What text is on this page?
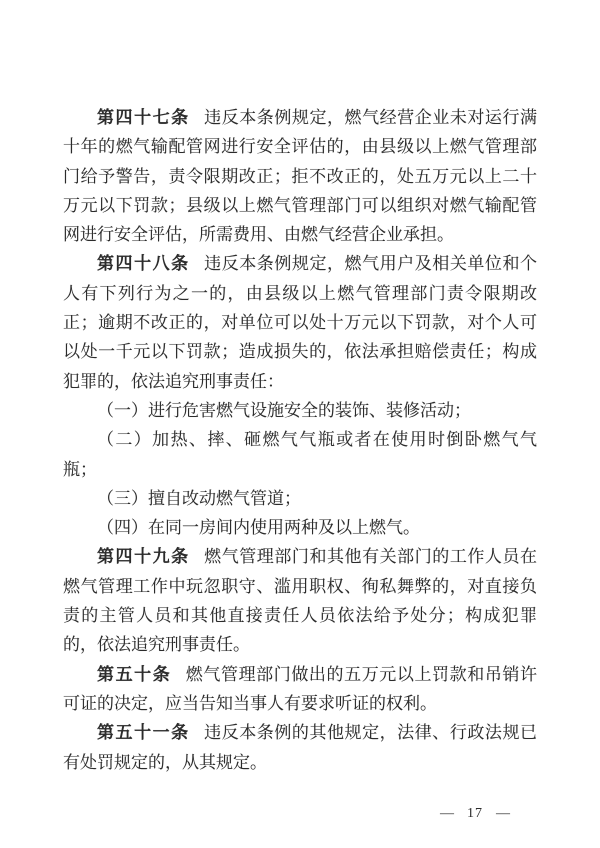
第四十七条 违反本条例规定，燃气经营企业未对运行满十年的燃气输配管网进行安全评估的，由县级以上燃气管理部门给予警告，责令限期改正；拒不改正的，处五万元以上二十万元以下罚款；县级以上燃气管理部门可以组织对燃气输配管网进行安全评估，所需费用、由燃气经营企业承担。

第四十八条 违反本条例规定，燃气用户及相关单位和个人有下列行为之一的，由县级以上燃气管理部门责令限期改正；逾期不改正的，对单位可以处十万元以下罚款，对个人可以处一千元以下罚款；造成损失的，依法承担赔偿责任；构成犯罪的，依法追究刑事责任：

（一）进行危害燃气设施安全的装饰、装修活动；

（二）加热、摔、砸燃气气瓶或者在使用时倒卧燃气气瓶；

（三）擅自改动燃气管道；

（四）在同一房间内使用两种及以上燃气。

第四十九条 燃气管理部门和其他有关部门的工作人员在燃气管理工作中玩忽职守、滥用职权、徇私舞弊的，对直接负责的主管人员和其他直接责任人员依法给予处分；构成犯罪的，依法追究刑事责任。

第五十条 燃气管理部门做出的五万元以上罚款和吊销许可证的决定，应当告知当事人有要求听证的权利。

第五十一条 违反本条例的其他规定，法律、行政法规已有处罚规定的，从其规定。

— 17 —
